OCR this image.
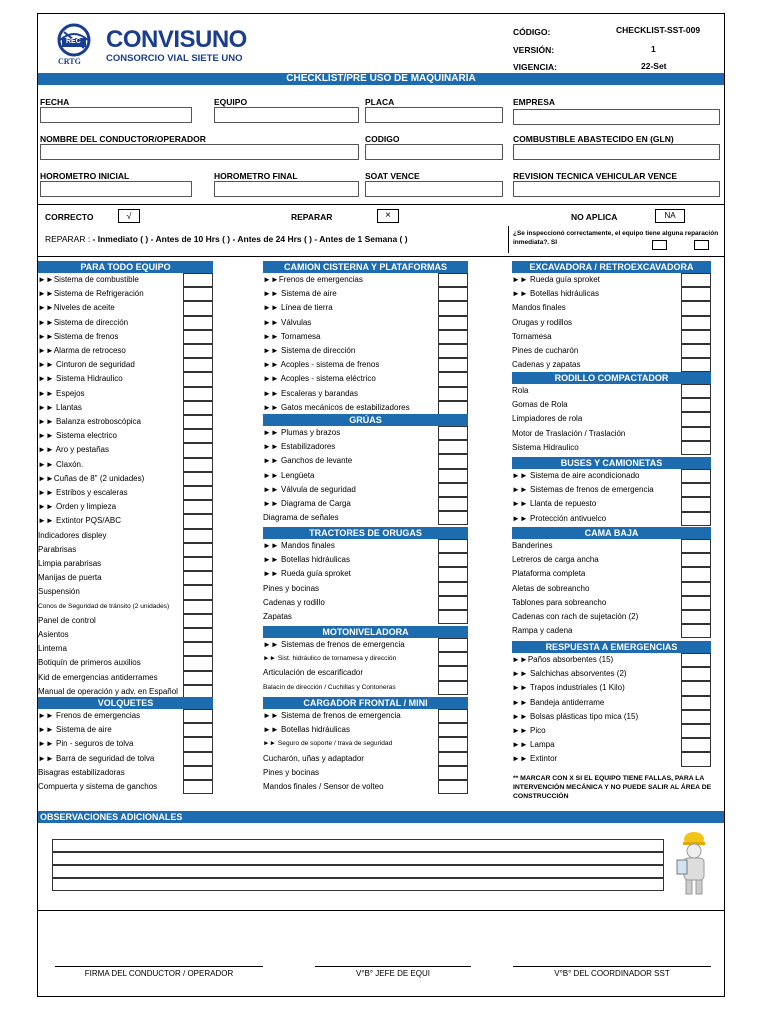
REC
CRTG
CONVISUNO
CONSORCIO VIAL SIETE UNO
CÓDIGO:	CHECKLIST-SST-009
VERSIÓN:	1
VIGENCIA:	22-Set
CHECKLIST/PRE USO DE MAQUINARÍA
FECHA	EQUIPO	PLACA	EMPRESA
NOMBRE DEL CONDUCTOR/OPERADOR	CODIGO	COMBUSTIBLE ABASTECIDO EN (GLN)
HOROMETRO INICIAL	HOROMETRO FINAL	SOAT VENCE	REVISION TECNICA VEHICULAR VENCE
CORRECTO	√	REPARAR	×	NO APLICA	NA
REPARAR : - Inmediato ( ) - Antes de 10 Hrs ( ) - Antes de 24 Hrs ( ) - Antes de 1 Semana ( )
¿Se inspeccionó correctamente, el equipo tiene alguna reparación inmediata?. SI
PARA TODO EQUIPO
►►Sistema de combustible
►►Sistema de Refrigeración
►►Niveles de aceite
►►Sistema de dirección
►►Sistema de frenos
►►Alarma de retroceso
►► Cinturon de seguridad
►► Sistema Hidraulico
►► Espejos
►► Llantas
►► Balanza estroboscópica
►► Sistema electrico
►► Aro y pestañas
►► Claxón.
►►Cuñas de 8" (2 unidades)
►► Estribos y escaleras
►► Orden y limpieza
►► Extintor PQS/ABC
Indicadores displey
Parabrisas
Limpia parabrisas
Manijas de puerta
Suspensión
Conos de Seguridad de tránsito (2 unidades)
Panel de control
Asientos
Linterna
Botiquín de primeros auxilios
Kid de emergencias antiderrames
Manual de operación y adv. en Español
VOLQUETES
►► Frenos de emergencias
►► Sistema de aire
►► Pin - seguros de tolva
►► Barra de seguridad de tolva
Bisagras estabilizadoras
Compuerta y sistema de ganchos
CAMION CISTERNA Y PLATAFORMAS
►►Frenos de emergencias
►► Sistema de aire
►► Línea de tierra
►► Válvulas
►► Tornamesa
►► Sistema de dirección
►► Acoples - sistema de frenos
►► Acoples - sistema eléctrico
►► Escaleras y barandas
►► Gatos mecánicos de estabilizadores
GRÚAS
►► Plumas y brazos
►► Estabilizadores
►► Ganchos de levante
►► Lengüeta
►► Válvula de seguridad
►► Diagrama de Carga
Diagrama de señales
TRACTORES DE ORUGAS
►► Mandos finales
►► Botellas hidráulicas
►► Rueda guía sproket
Pines y bocinas
Cadenas y rodillo
Zapatas
MOTONIVELADORA
►► Sistemas de frenos de emergencia
►► Sist. hidráulico de tornamesa y dirección
Articulación de escarificador
Balacín de dirección / Cuchillas y Contoneras
CARGADOR FRONTAL / MINI
►► Sistema de frenos de emergencia
►► Botellas hidráulicas
►► Seguro de soporte / trava de seguridad
Cucharón, uñas y adaptador
Pines y bocinas
Mandos finales / Sensor de volteo
EXCAVADORA / RETROEXCAVADORA
►► Rueda guía sproket
►► Botellas hidráulicas
Mandos finales
Orugas y rodillos
Tornamesa
Pines de cucharón
Cadenas y zapatas
RODILLO COMPACTADOR
Rola
Gomas de Rola
Limpiadores de rola
Motor de Traslación / Traslación
Sistema Hidraulico
BUSES Y CAMIONETAS
►► Sistema de aire acondicionado
►► Sistemas de frenos de emergencia
►► Llanta de repuesto
►► Protección antivuelco
CAMA BAJA
Banderines
Letreros de carga ancha
Plataforma completa
Aletas de sobreancho
Tablones para sobreancho
Cadenas con rach de sujetación (2)
Rampa y cadena
RESPUESTA A EMERGENCIAS
►►Paños absorbentes (15)
►► Salchichas absorventes (2)
►► Trapos industriales (1 Kilo)
►► Bandeja antiderrame
►► Bolsas plásticas tipo mica (15)
►► Pico
►► Lampa
►► Extintor
** MARCAR CON X SI EL EQUIPO TIENE FALLAS, PARA LA INTERVENCIÓN MECÁNICA Y NO PUEDE SALIR AL ÁREA DE CONSTRUCCIÓN
OBSERVACIONES ADICIONALES
FIRMA DEL CONDUCTOR / OPERADOR	V°B° JEFE DE EQUI	V°B° DEL COORDINADOR SST
